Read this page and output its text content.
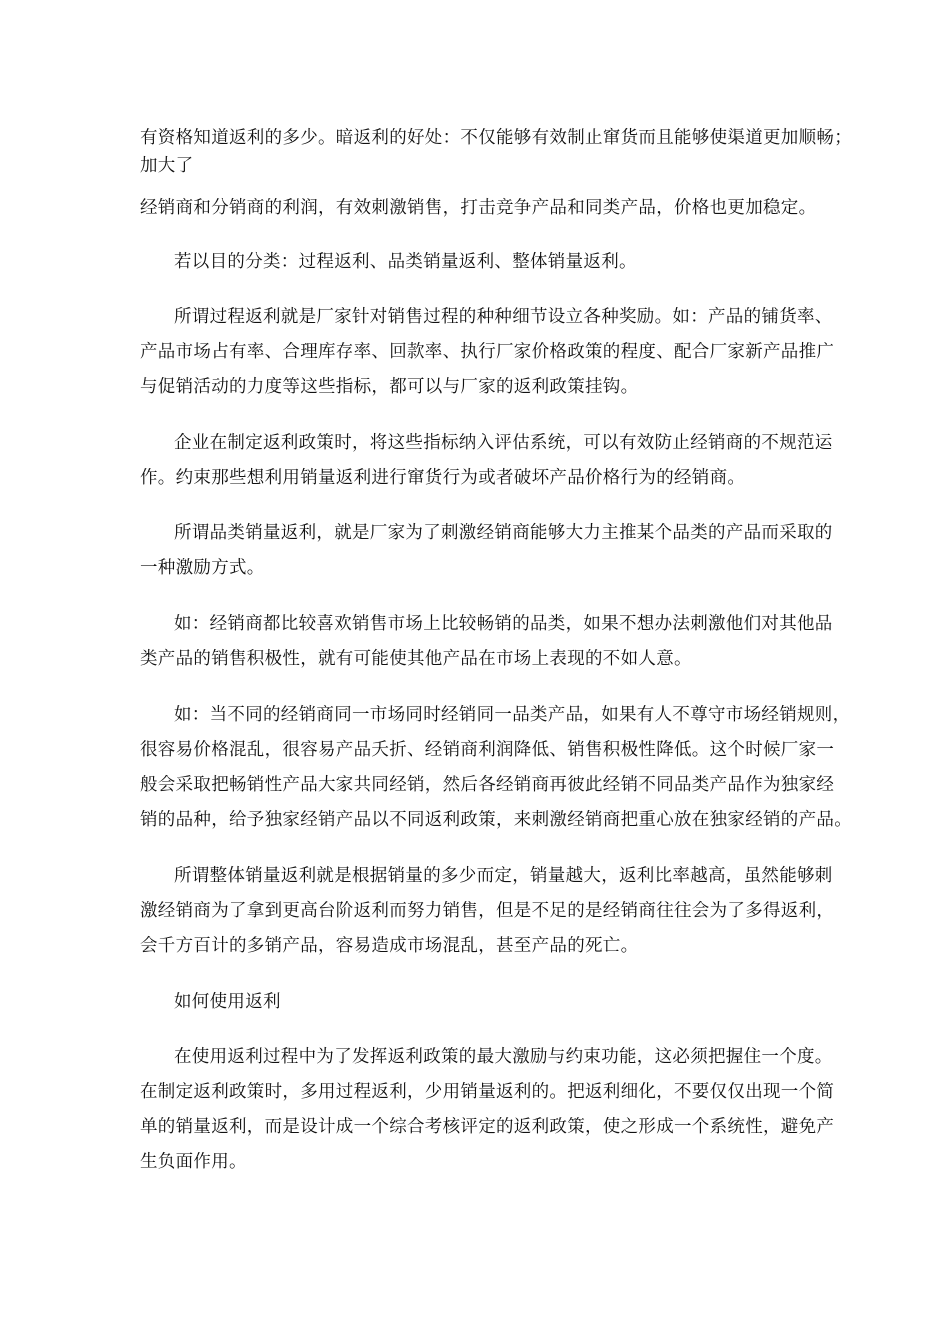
有资格知道返利的多少。暗返利的好处：不仅能够有效制止窜货而且能够使渠道更加顺畅；
加大了
经销商和分销商的利润，有效刺激销售，打击竞争产品和同类产品，价格也更加稳定。
若以目的分类：过程返利、品类销量返利、整体销量返利。
所谓过程返利就是厂家针对销售过程的种种细节设立各种奖励。如：产品的铺货率、
产品市场占有率、合理库存率、回款率、执行厂家价格政策的程度、配合厂家新产品推广
与促销活动的力度等这些指标，都可以与厂家的返利政策挂钩。
企业在制定返利政策时，将这些指标纳入评估系统，可以有效防止经销商的不规范运
作。约束那些想利用销量返利进行窜货行为或者破坏产品价格行为的经销商。
所谓品类销量返利，就是厂家为了刺激经销商能够大力主推某个品类的产品而采取的
一种激励方式。
如：经销商都比较喜欢销售市场上比较畅销的品类，如果不想办法刺激他们对其他品
类产品的销售积极性，就有可能使其他产品在市场上表现的不如人意。
如：当不同的经销商同一市场同时经销同一品类产品，如果有人不尊守市场经销规则，
很容易价格混乱，很容易产品夭折、经销商利润降低、销售积极性降低。这个时候厂家一
般会采取把畅销性产品大家共同经销，然后各经销商再彼此经销不同品类产品作为独家经
销的品种，给予独家经销产品以不同返利政策，来刺激经销商把重心放在独家经销的产品。
所谓整体销量返利就是根据销量的多少而定，销量越大，返利比率越高，虽然能够刺
激经销商为了拿到更高台阶返利而努力销售，但是不足的是经销商往往会为了多得返利，
会千方百计的多销产品，容易造成市场混乱，甚至产品的死亡。
如何使用返利
在使用返利过程中为了发挥返利政策的最大激励与约束功能，这必须把握住一个度。
在制定返利政策时，多用过程返利，少用销量返利的。把返利细化，不要仅仅出现一个简
单的销量返利，而是设计成一个综合考核评定的返利政策，使之形成一个系统性，避免产
生负面作用。
